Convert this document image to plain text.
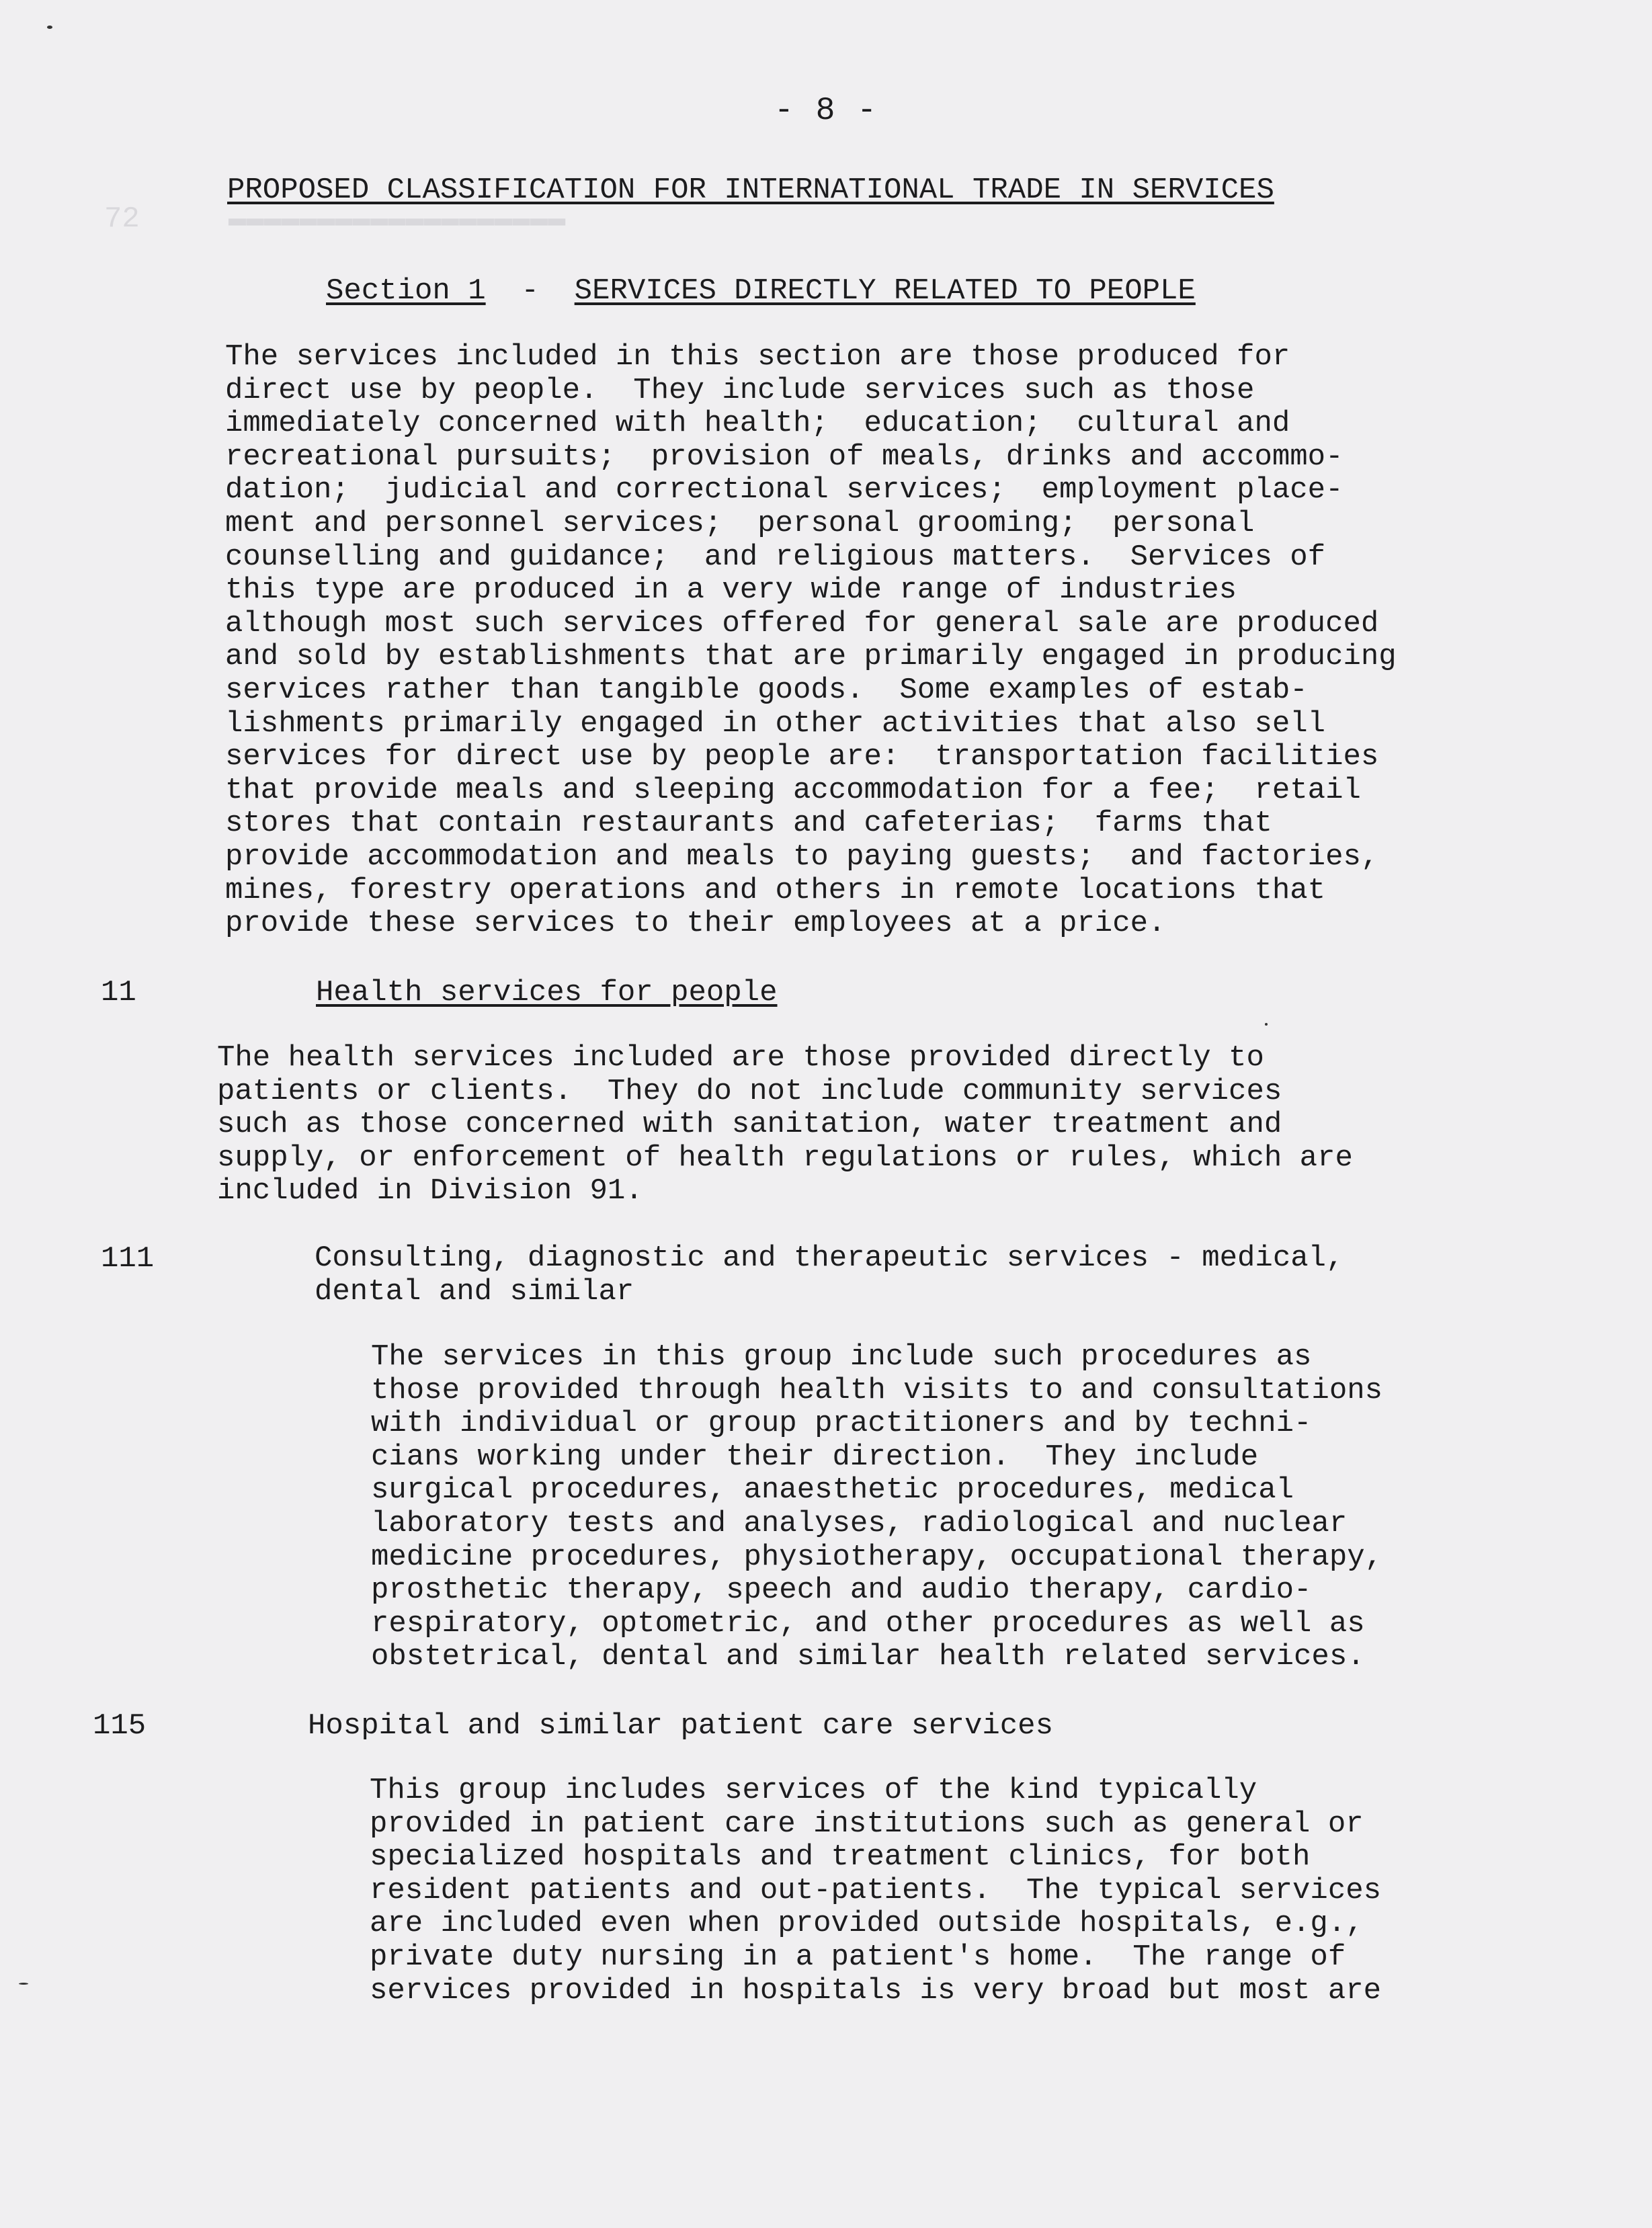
72     ▬▬▬▬▬▬▬▬▬▬▬▬▬▬▬▬▬▬▬
- 8 -
PROPOSED CLASSIFICATION FOR INTERNATIONAL TRADE IN SERVICES
Section 1 - SERVICES DIRECTLY RELATED TO PEOPLE
The services included in this section are those produced for
direct use by people.  They include services such as those
immediately concerned with health;  education;  cultural and
recreational pursuits;  provision of meals, drinks and accommo-
dation;  judicial and correctional services;  employment place-
ment and personnel services;  personal grooming;  personal
counselling and guidance;  and religious matters.  Services of
this type are produced in a very wide range of industries
although most such services offered for general sale are produced
and sold by establishments that are primarily engaged in producing
services rather than tangible goods.  Some examples of estab-
lishments primarily engaged in other activities that also sell
services for direct use by people are:  transportation facilities
that provide meals and sleeping accommodation for a fee;  retail
stores that contain restaurants and cafeterias;  farms that
provide accommodation and meals to paying guests;  and factories,
mines, forestry operations and others in remote locations that
provide these services to their employees at a price.
11	Health services for people
The health services included are those provided directly to
patients or clients.  They do not include community services
such as those concerned with sanitation, water treatment and
supply, or enforcement of health regulations or rules, which are
included in Division 91.
111	Consulting, diagnostic and therapeutic services - medical,
dental and similar
The services in this group include such procedures as
those provided through health visits to and consultations
with individual or group practitioners and by techni-
cians working under their direction.  They include
surgical procedures, anaesthetic procedures, medical
laboratory tests and analyses, radiological and nuclear
medicine procedures, physiotherapy, occupational therapy,
prosthetic therapy, speech and audio therapy, cardio-
respiratory, optometric, and other procedures as well as
obstetrical, dental and similar health related services.
115	Hospital and similar patient care services
This group includes services of the kind typically
provided in patient care institutions such as general or
specialized hospitals and treatment clinics, for both
resident patients and out-patients.  The typical services
are included even when provided outside hospitals, e.g.,
private duty nursing in a patient's home.  The range of
services provided in hospitals is very broad but most are
